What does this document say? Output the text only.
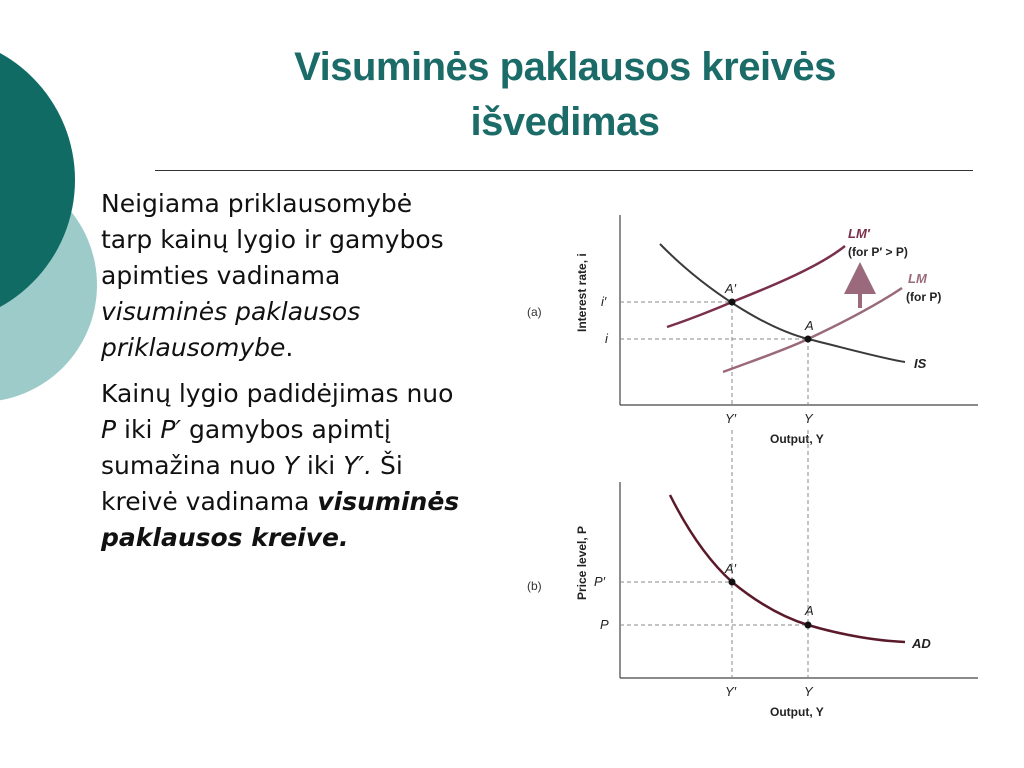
Visuminės paklausos kreivės
išvedimas

Neigiama priklausomybė tarp kainų lygio ir gamybos apimties vadinama visuminės paklausos priklausomybe.

Kainų lygio padidėjimas nuo P iki P′ gamybos apimtį sumažina nuo Y iki Y′. Ši kreivė vadinama visuminės paklausos kreive.

(a)	Interest rate, i i′
i
Y′	Y
Output, Y
IS
LM′
(for P′ > P)
LM
(for P)
A′
A
(b)	Price level, P P′
P
Y′	Y
Output, Y
AD
A′
A
